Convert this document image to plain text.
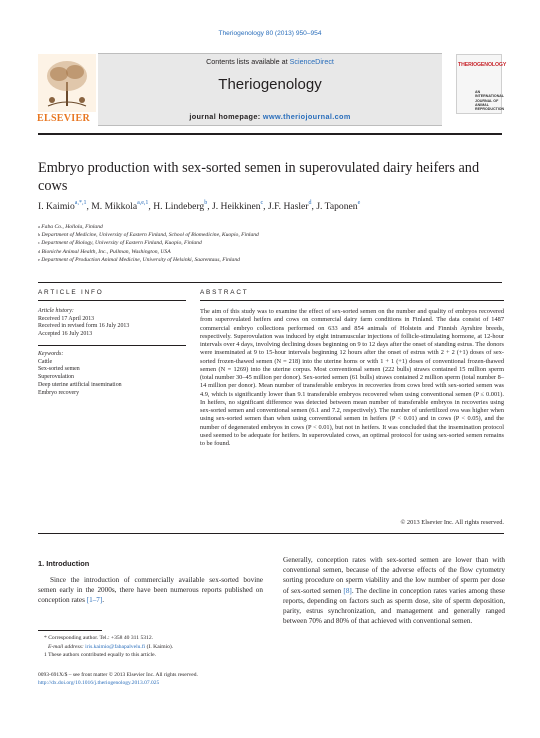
Theriogenology 80 (2013) 950–954
Contents lists available at ScienceDirect
Theriogenology
journal homepage: www.theriojournal.com
ELSEVIER
THERIOGENOLOGY
AN INTERNATIONAL
JOURNAL OF
ANIMAL REPRODUCTION
Embryo production with sex-sorted semen in superovulated dairy heifers and cows
I. Kaimio$^{a,*,1}$, M. Mikkola$^{a,e,1}$, H. Lindeberg$^b$, J. Heikkinen$^c$, J.F. Hasler$^d$, J. Taponen$^e$
$^a$ Faba Co., Hollola, Finland
$^b$ Department of Medicine, University of Eastern Finland, School of Biomedicine, Kuopio, Finland
$^c$ Department of Biology, University of Eastern Finland, Kuopio, Finland
$^d$ Bioniche Animal Health, Inc., Pullman, Washington, USA
$^e$ Department of Production Animal Medicine, University of Helsinki, Saarentaus, Finland
ARTICLE INFO
Article history:
Received 17 April 2013
Received in revised form 16 July 2013
Accepted 16 July 2013
Keywords:
Cattle
Sex-sorted semen
Superovulation
Deep uterine artificial insemination
Embryo recovery
ABSTRACT
The aim of this study was to examine the effect of sex-sorted semen on the number and quality of embryos recovered from superovulated heifers and cows on commercial dairy farm conditions in Finland. The data consist of 1487 commercial embryo collections performed on 633 and 854 animals of Holstein and Finnish Ayrshire breeds, respectively. Superovulation was induced by eight intramuscular injections of follicle-stimulating hormone, at 12-hour intervals over 4 days, involving declining doses beginning on 9 to 12 days after the onset of standing estrus. The donors were inseminated at 9 to 15-hour intervals beginning 12 hours after the onset of estrus with 2 + 2 (+1) doses of sex-sorted frozen-thawed semen (N = 218) into the uterine horns or with 1 + 1 (+1) doses of conventional frozen-thawed semen (N = 1269) into the uterine corpus. Most conventional semen (222 bulls) straws contained 15 million sperm (total number 30–45 million per donor). Sex-sorted semen (61 bulls) straws contained 2 million sperm (total number 8–14 million per donor). Mean number of transferable embryos in recoveries from cows bred with sex-sorted semen was 4.9, which is significantly lower than 9.1 transferable embryos recovered when using conventional semen (P ≤ 0.001). In heifers, no significant difference was detected between mean number of transferable embryos in recoveries using sex-sorted semen and conventional semen (6.1 and 7.2, respectively). The number of unfertilized ova was higher when using sex-sorted semen than when using conventional semen in heifers (P < 0.01) and in cows (P < 0.05), and the number of degenerated embryos in cows (P < 0.01), but not in heifers. It was concluded that the insemination protocol used seemed to be adequate for heifers. In superovulated cows, an optimal protocol for using sex-sorted semen remains to be found.
© 2013 Elsevier Inc. All rights reserved.
1. Introduction

Since the introduction of commercially available sex-sorted bovine semen early in the 2000s, there have been numerous reports published on conception rates [1–7].

Generally, conception rates with sex-sorted semen are lower than with conventional semen, because of the adverse effects of the flow cytometry sorting procedure on sperm viability and the low number of sperm per dose of sex-sorted semen [8]. The decline in conception rates varies among these reports, depending on factors such as sperm dose, site of sperm deposition, parity, estrus synchronization, and management and generally ranged between 70% and 80% of that achieved with conventional semen.
* Corresponding author. Tel.: +358 40 311 5312.
E-mail address: iris.kaimio@fabapalvelu.fi (I. Kaimio).
1 These authors contributed equally to this article.
0093-691X/$ – see front matter © 2013 Elsevier Inc. All rights reserved.
http://dx.doi.org/10.1016/j.theriogenology.2013.07.025
